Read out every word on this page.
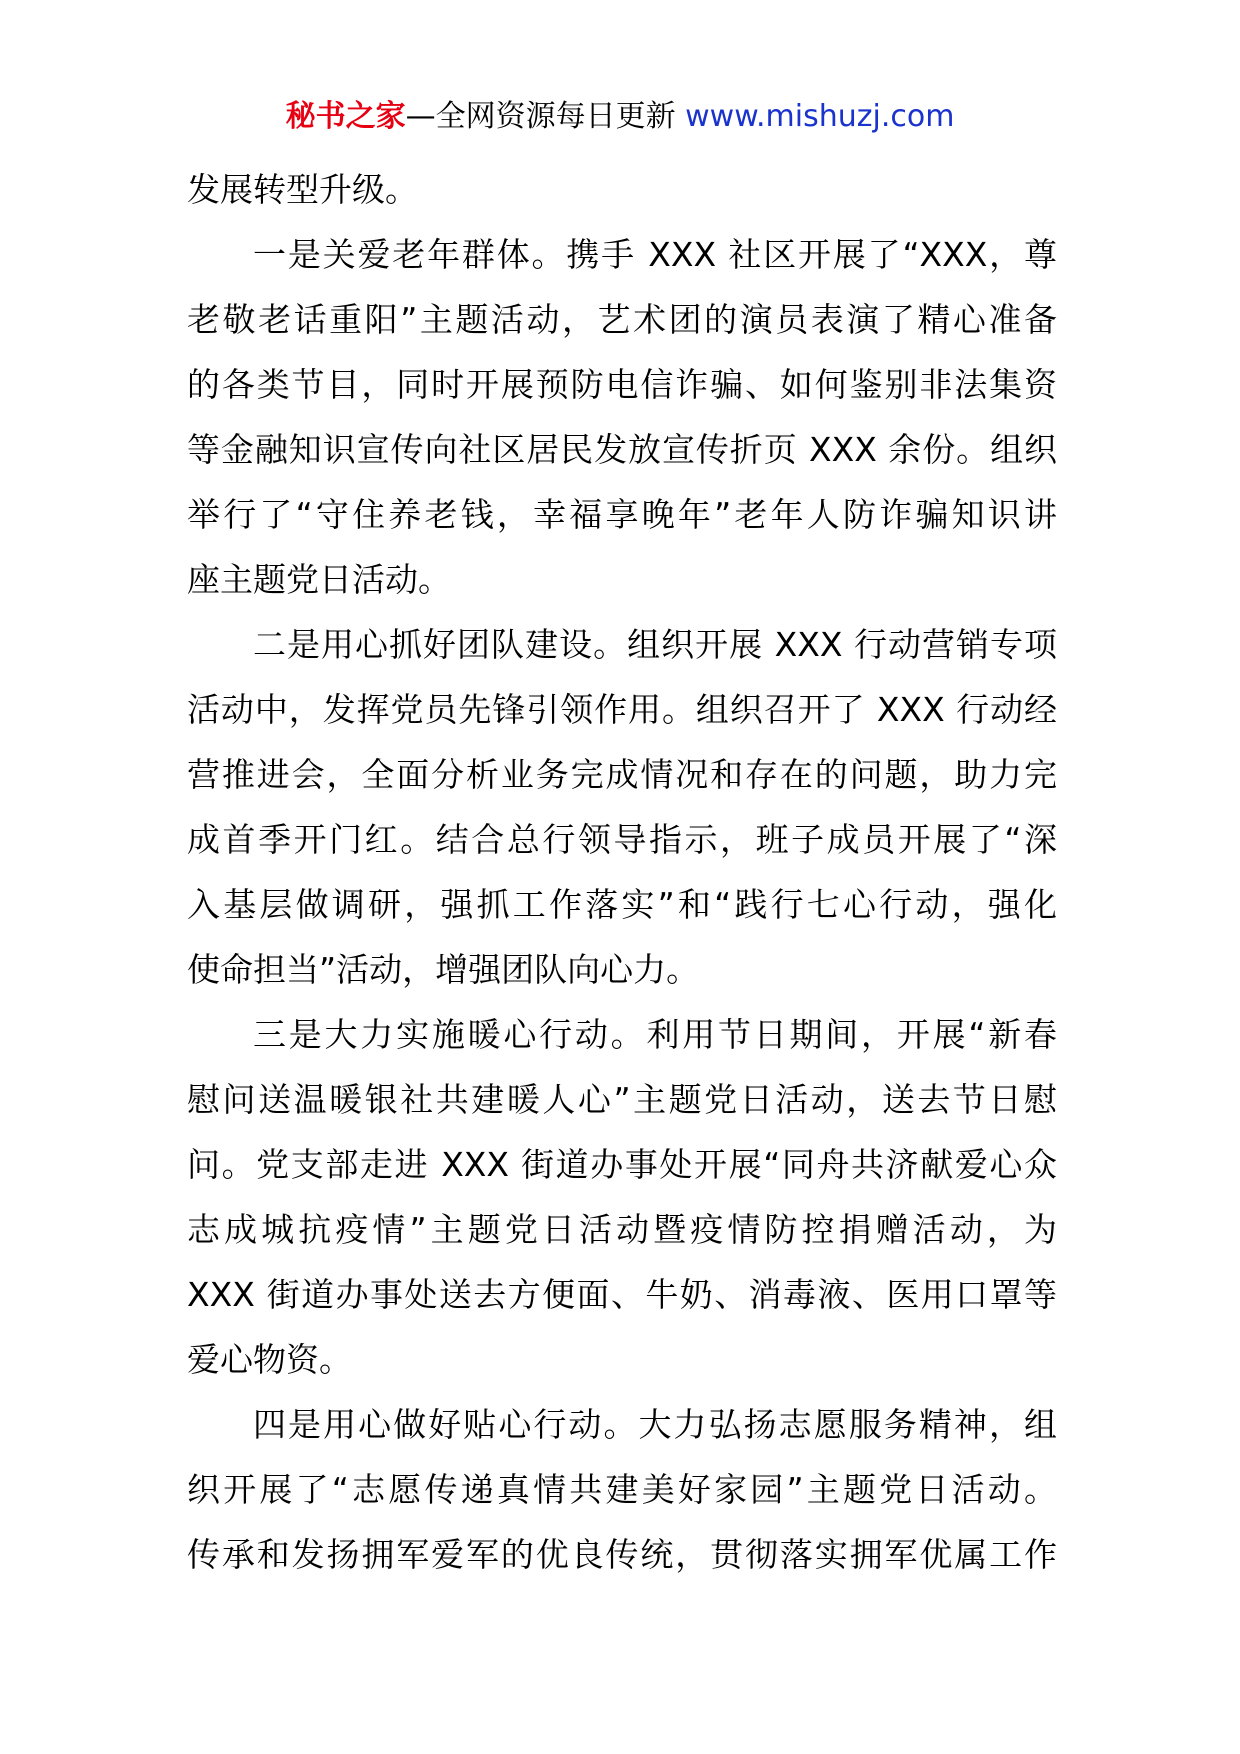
秘书之家—全网资源每日更新 www.mishuzj.com
发展转型升级。
一是关爱老年群体。携手 XXX 社区开展了“XXX，尊
老敬老话重阳”主题活动，艺术团的演员表演了精心准备
的各类节目，同时开展预防电信诈骗、如何鉴别非法集资
等金融知识宣传向社区居民发放宣传折页 XXX 余份。组织
举行了“守住养老钱，幸福享晚年”老年人防诈骗知识讲
座主题党日活动。
二是用心抓好团队建设。组织开展 XXX 行动营销专项
活动中，发挥党员先锋引领作用。组织召开了 XXX 行动经
营推进会，全面分析业务完成情况和存在的问题，助力完
成首季开门红。结合总行领导指示，班子成员开展了“深
入基层做调研，强抓工作落实”和“践行七心行动，强化
使命担当”活动，增强团队向心力。
三是大力实施暖心行动。利用节日期间，开展“新春
慰问送温暖银社共建暖人心”主题党日活动，送去节日慰
问。党支部走进 XXX 街道办事处开展“同舟共济献爱心众
志成城抗疫情”主题党日活动暨疫情防控捐赠活动，为
XXX 街道办事处送去方便面、牛奶、消毒液、医用口罩等
爱心物资。
四是用心做好贴心行动。大力弘扬志愿服务精神，组
织开展了“志愿传递真情共建美好家园”主题党日活动。
传承和发扬拥军爱军的优良传统，贯彻落实拥军优属工作
